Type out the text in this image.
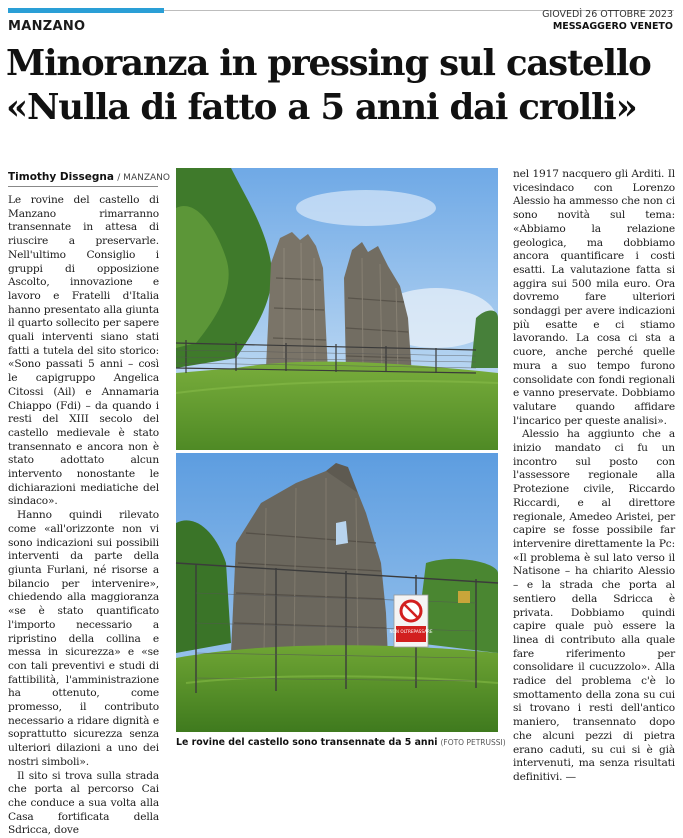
MANZANO
GIOVEDÌ 26 OTTOBRE 2023
MESSAGGERO VENETO
Minoranza in pressing sul castello
«Nulla di fatto a 5 anni dai crolli»
Timothy Dissegna / MANZANO

Le rovine del castello di Manzano rimarranno transennate in attesa di riuscire a preservarle. Nell'ultimo Consiglio i gruppi di opposizione Ascolto, innovazione e lavoro e Fratelli d'Italia hanno presentato alla giunta il quarto sollecito per sapere quali interventi siano stati fatti a tutela del sito storico: «Sono passati 5 anni – così le capigruppo Angelica Citossi (Ail) e Annamaria Chiappo (Fdi) – da quando i resti del XIII secolo del castello medievale è stato transennato e ancora non è stato adottato alcun intervento nonostante le dichiarazioni mediatiche del sindaco».

Hanno quindi rilevato come «all'orizzonte non vi sono indicazioni sui possibili interventi da parte della giunta Furlani, né risorse a bilancio per intervenire», chiedendo alla maggioranza «se è stato quantificato l'importo necessario a ripristino della collina e messa in sicurezza» e «se con tali preventivi e studi di fattibilità, l'amministrazione ha ottenuto, come promesso, il contributo necessario a ridare dignità e soprattutto sicurezza senza ulteriori dilazioni a uno dei nostri simboli».

Il sito si trova sulla strada che porta al percorso Cai che conduce a sua volta alla Casa fortificata della Sdricca, dove

NON OLTREPASSARE

nel 1917 nacquero gli Arditi. Il vicesindaco con Lorenzo Alessio ha ammesso che non ci sono novità sul tema: «Abbiamo la relazione geologica, ma dobbiamo ancora quantificare i costi esatti. La valutazione fatta si aggira sui 500 mila euro. Ora dovremo fare ulteriori sondaggi per avere indicazioni più esatte e ci stiamo lavorando. La cosa ci sta a cuore, anche perché quelle mura a suo tempo furono consolidate con fondi regionali e vanno preservate. Dobbiamo valutare quando affidare l'incarico per queste analisi».

Alessio ha aggiunto che a inizio mandato ci fu un incontro sul posto con l'assessore regionale alla Protezione civile, Riccardo Riccardi, e al direttore regionale, Amedeo Aristei, per capire se fosse possibile far intervenire direttamente la Pc: «Il problema è sul lato verso il Natisone – ha chiarito Alessio – e la strada che porta al sentiero della Sdricca è privata. Dobbiamo quindi capire quale può essere la linea di contributo alla quale fare riferimento per consolidare il cucuzzolo». Alla radice del problema c'è lo smottamento della zona su cui si trovano i resti dell'antico maniero, transennato dopo che alcuni pezzi di pietra erano caduti, su cui si è già intervenuti, ma senza risultati definitivi. —

Le rovine del castello sono transennate da 5 anni (FOTO PETRUSSI)
